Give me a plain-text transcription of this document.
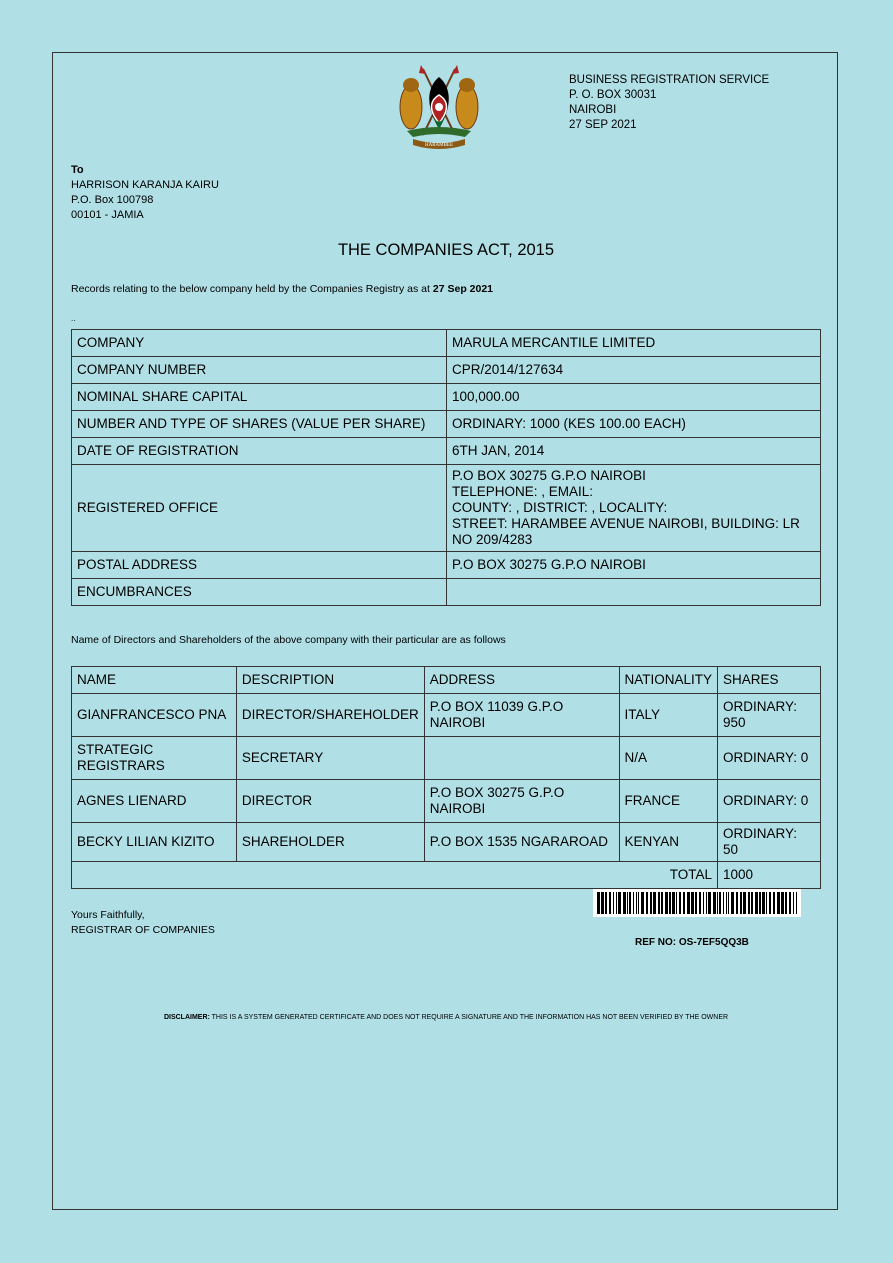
HARAMBEE
BUSINESS REGISTRATION SERVICE
P. O. BOX 30031
NAIROBI
27 SEP 2021
To
HARRISON KARANJA KAIRU
P.O. Box 100798
00101 - JAMIA
THE COMPANIES ACT, 2015
Records relating to the below company held by the Companies Registry as at 27 Sep 2021
..
COMPANY	MARULA MERCANTILE LIMITED

COMPANY NUMBER	CPR/2014/127634

NOMINAL SHARE CAPITAL	100,000.00

NUMBER AND TYPE OF SHARES (VALUE PER SHARE)	ORDINARY: 1000 (KES 100.00 EACH)

DATE OF REGISTRATION	6TH JAN, 2014

REGISTERED OFFICE	P.O BOX 30275 G.P.O NAIROBI
TELEPHONE: , EMAIL:
COUNTY: , DISTRICT: , LOCALITY:
STREET: HARAMBEE AVENUE NAIROBI, BUILDING: LR NO 209/4283

POSTAL ADDRESS	P.O BOX 30275 G.P.O NAIROBI

ENCUMBRANCES	
Name of Directors and Shareholders of the above company with their particular are as follows
NAME	DESCRIPTION	ADDRESS	NATIONALITY	SHARES
GIANFRANCESCO PNA	DIRECTOR/SHAREHOLDER	P.O BOX 11039 G.P.O NAIROBI	ITALY	ORDINARY: 950
STRATEGIC REGISTRARS	SECRETARY		N/A	ORDINARY: 0
AGNES LIENARD	DIRECTOR	P.O BOX 30275 G.P.O NAIROBI	FRANCE	ORDINARY: 0
BECKY LILIAN KIZITO	SHAREHOLDER	P.O BOX 1535 NGARAROAD	KENYAN	ORDINARY: 50
TOTAL				1000
Yours Faithfully,
REGISTRAR OF COMPANIES
REF NO: OS-7EF5QQ3B
DISCLAIMER: THIS IS A SYSTEM GENERATED CERTIFICATE AND DOES NOT REQUIRE A SIGNATURE AND THE INFORMATION HAS NOT BEEN VERIFIED BY THE OWNER
